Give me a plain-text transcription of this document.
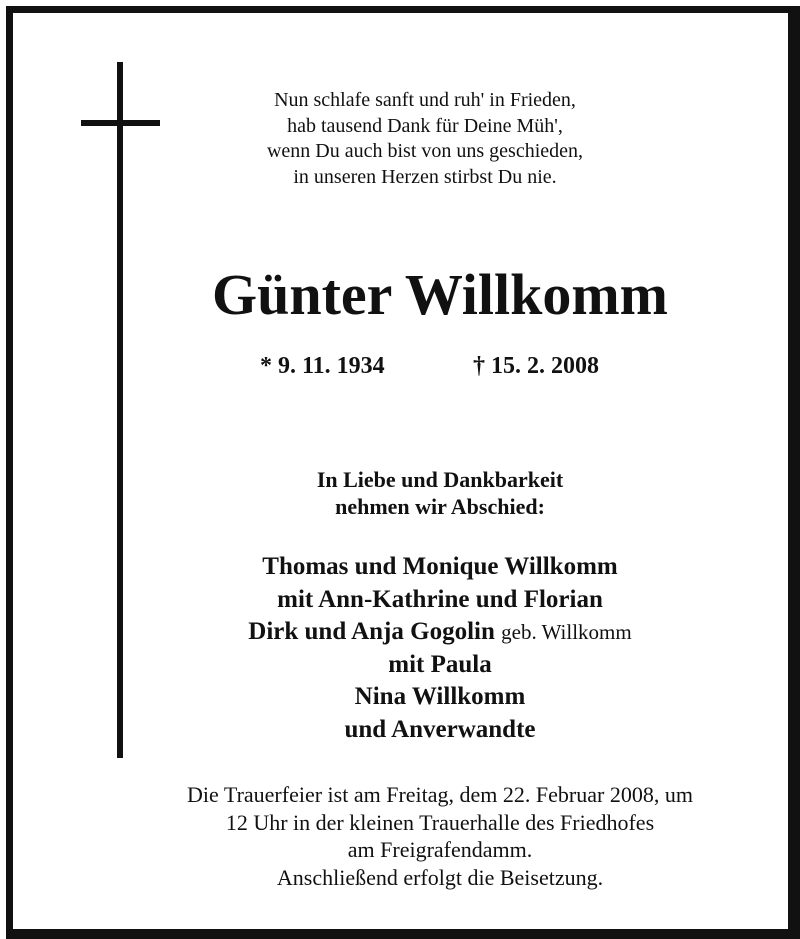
Nun schlafe sanft und ruh' in Frieden,
hab tausend Dank für Deine Müh',
wenn Du auch bist von uns geschieden,
in unseren Herzen stirbst Du nie.
Günter Willkomm
* 9. 11. 1934	† 15. 2. 2008
In Liebe und Dankbarkeit
nehmen wir Abschied:
Thomas und Monique Willkomm
mit Ann-Kathrine und Florian
Dirk und Anja Gogolin geb. Willkomm
mit Paula
Nina Willkomm
und Anverwandte
Die Trauerfeier ist am Freitag, dem 22. Februar 2008, um
12 Uhr in der kleinen Trauerhalle des Friedhofes
am Freigrafendamm.
Anschließend erfolgt die Beisetzung.
